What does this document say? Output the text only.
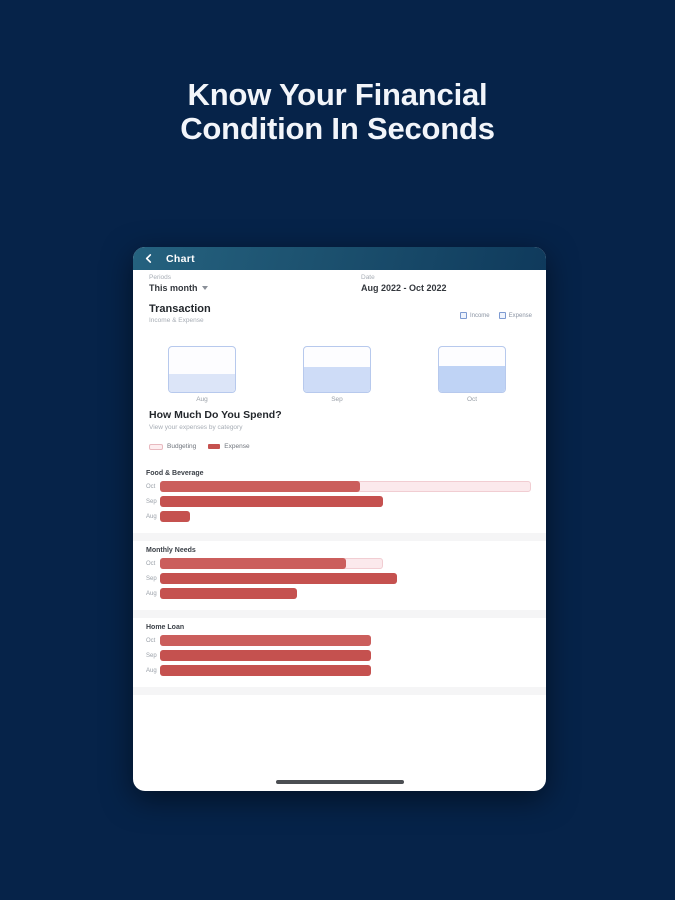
Know Your Financial
Condition In Seconds
Chart
Periods
This month
Date
Aug 2022 - Oct 2022
Transaction
Income & Expense
Income	Expense
Aug	Sep	Oct
How Much Do You Spend?
View your expenses by category
Budgeting	Expense
Food & Beverage
Oct
Sep
Aug
Monthly Needs
Oct
Sep
Aug
Home Loan
Oct
Sep
Aug
